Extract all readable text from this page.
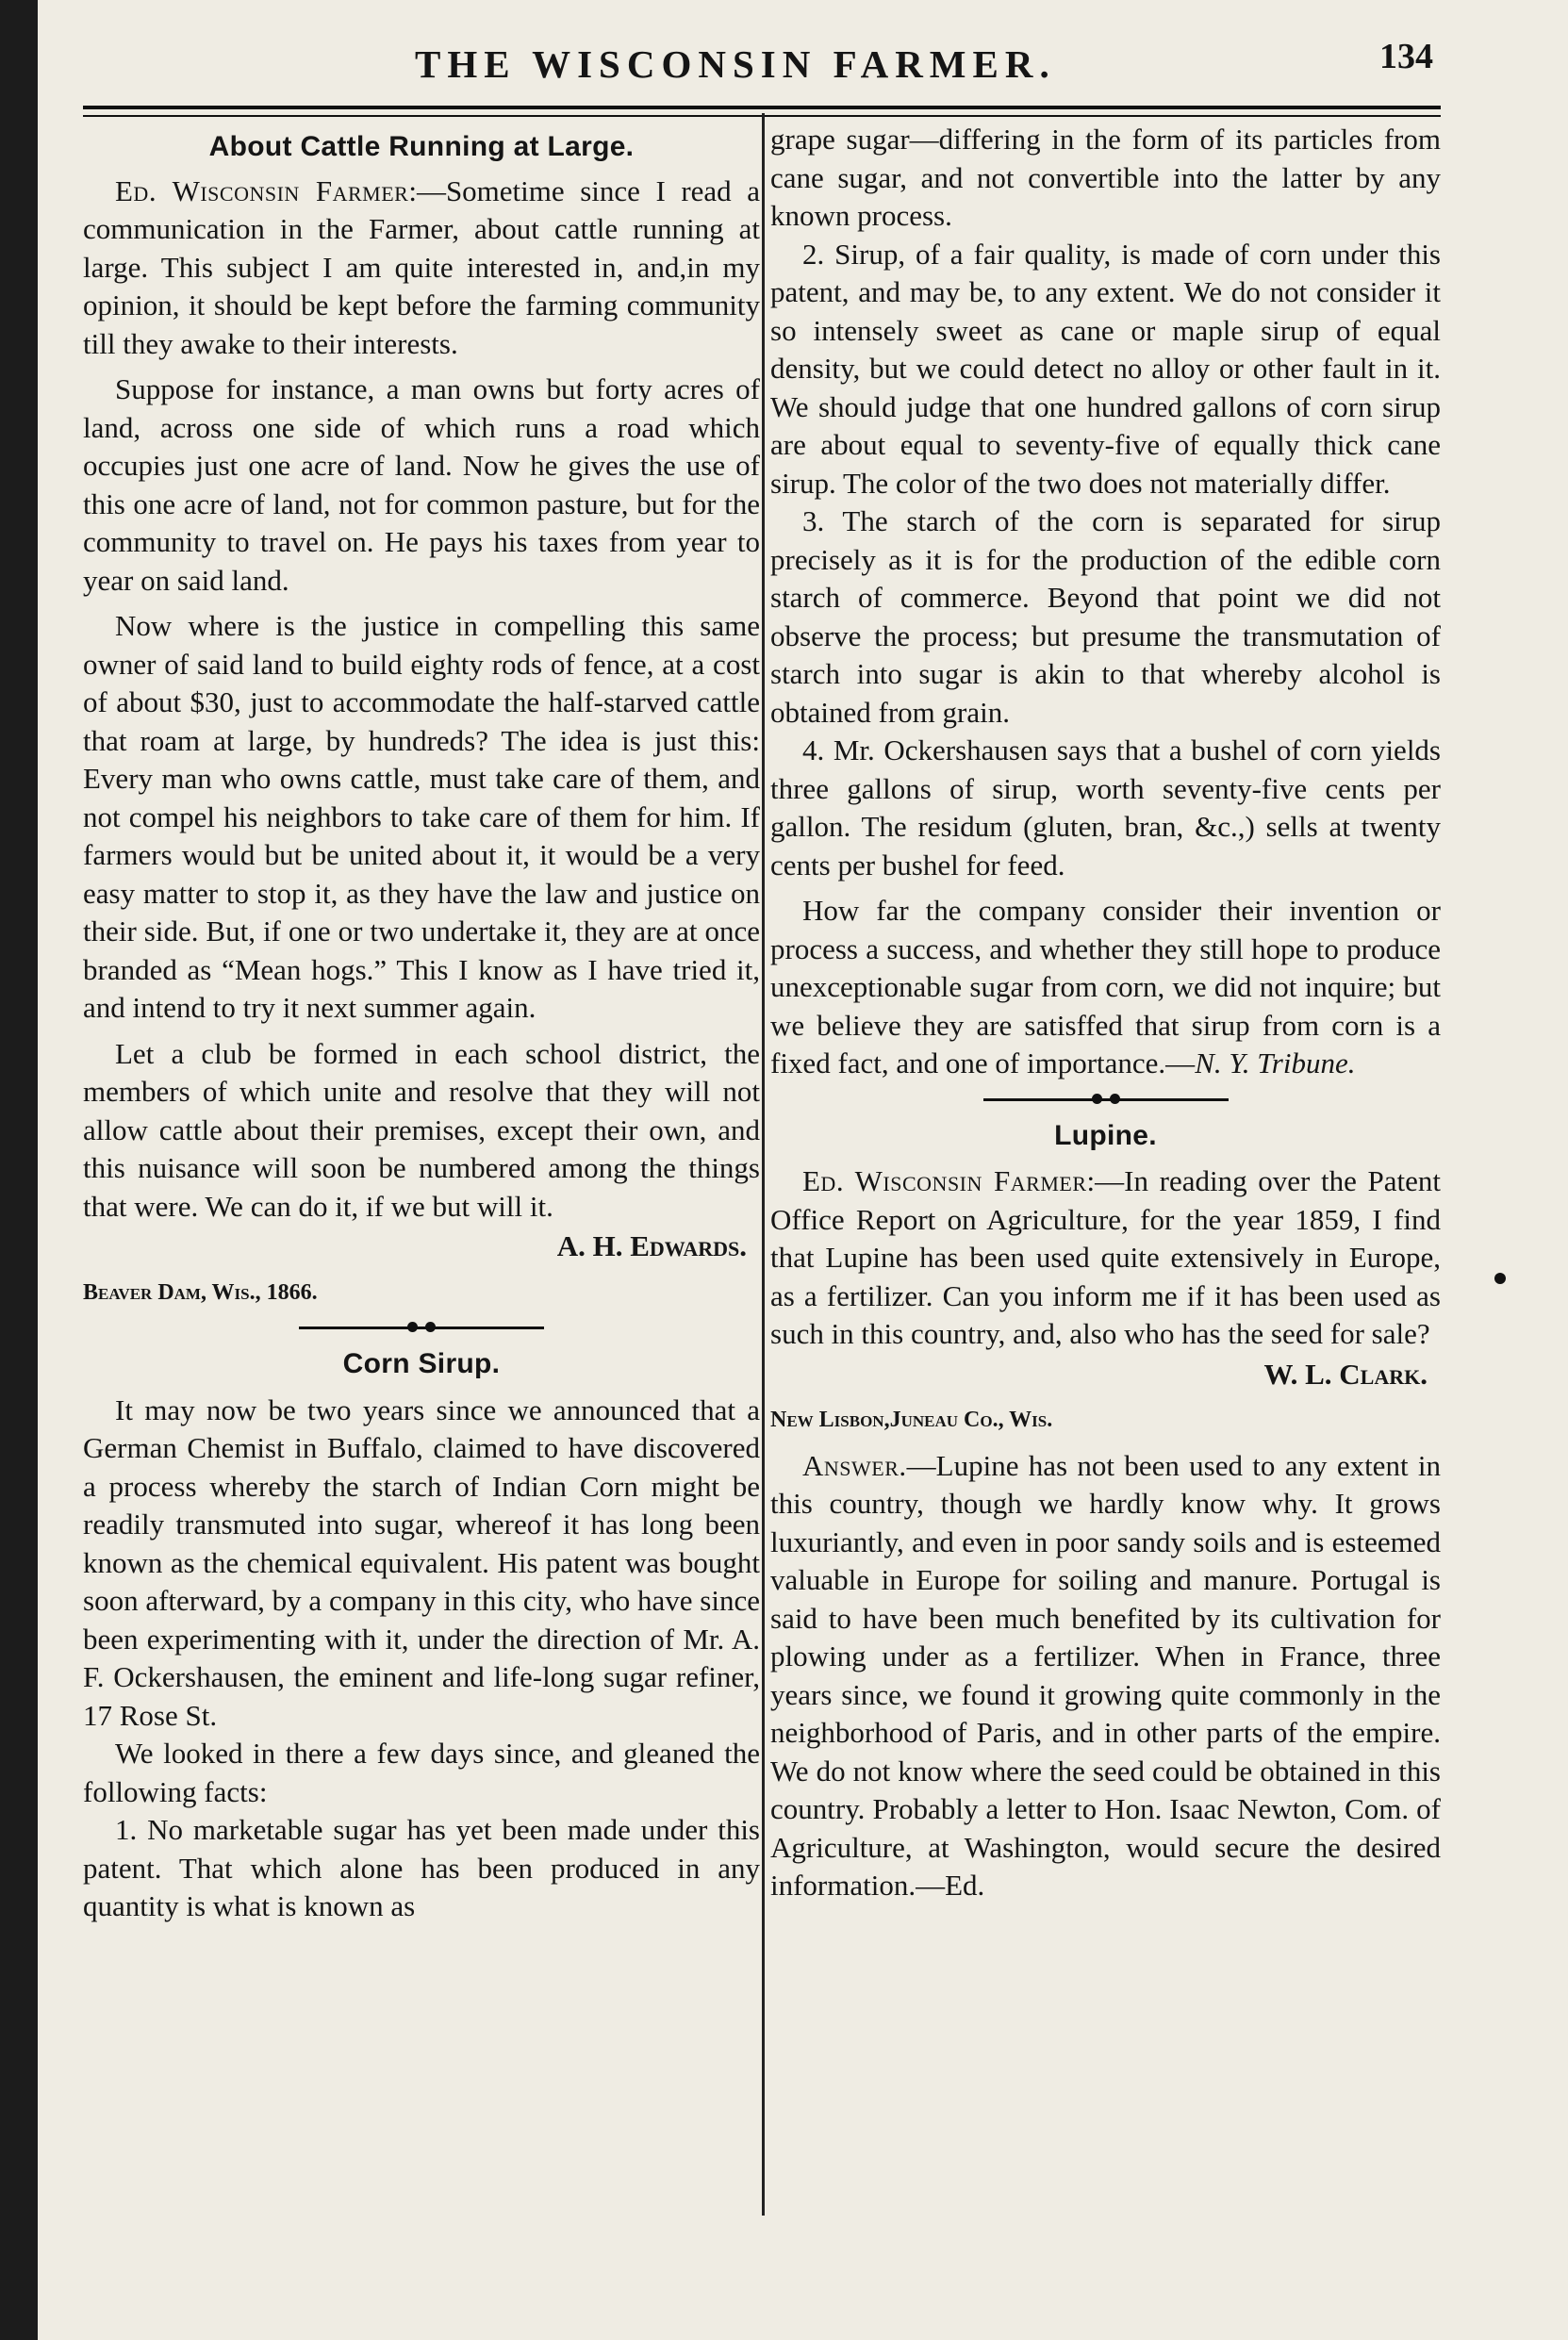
THE WISCONSIN FARMER.	134
About Cattle Running at Large.

Ed. Wisconsin Farmer:—Sometime since I read a communication in the Farmer, about cattle running at large. This subject I am quite interested in, and,in my opinion, it should be kept before the farming community till they awake to their interests.

Suppose for instance, a man owns but forty acres of land, across one side of which runs a road which occupies just one acre of land. Now he gives the use of this one acre of land, not for common pasture, but for the community to travel on. He pays his taxes from year to year on said land.

Now where is the justice in compelling this same owner of said land to build eighty rods of fence, at a cost of about $30, just to accommodate the half-starved cattle that roam at large, by hundreds? The idea is just this: Every man who owns cattle, must take care of them, and not compel his neighbors to take care of them for him. If farmers would but be united about it, it would be a very easy matter to stop it, as they have the law and justice on their side. But, if one or two undertake it, they are at once branded as “Mean hogs.” This I know as I have tried it, and intend to try it next summer again.

Let a club be formed in each school district, the members of which unite and resolve that they will not allow cattle about their premises, except their own, and this nuisance will soon be numbered among the things that were. We can do it, if we but will it.

A. H. Edwards.
Beaver Dam, Wis., 1866.
Corn Sirup.

It may now be two years since we announced that a German Chemist in Buffalo, claimed to have discovered a process whereby the starch of Indian Corn might be readily transmuted into sugar, whereof it has long been known as the chemical equivalent. His patent was bought soon afterward, by a company in this city, who have since been experimenting with it, under the direction of Mr. A. F. Ockershausen, the eminent and life-long sugar refiner, 17 Rose St.

We looked in there a few days since, and gleaned the following facts:

1. No marketable sugar has yet been made under this patent. That which alone has been produced in any quantity is what is known as

grape sugar—differing in the form of its particles from cane sugar, and not convertible into the latter by any known process.

2. Sirup, of a fair quality, is made of corn under this patent, and may be, to any extent. We do not consider it so intensely sweet as cane or maple sirup of equal density, but we could detect no alloy or other fault in it. We should judge that one hundred gallons of corn sirup are about equal to seventy-five of equally thick cane sirup. The color of the two does not materially differ.

3. The starch of the corn is separated for sirup precisely as it is for the production of the edible corn starch of commerce. Beyond that point we did not observe the process; but presume the transmutation of starch into sugar is akin to that whereby alcohol is obtained from grain.

4. Mr. Ockershausen says that a bushel of corn yields three gallons of sirup, worth seventy-five cents per gallon. The residum (gluten, bran, &c.,) sells at twenty cents per bushel for feed.

How far the company consider their invention or process a success, and whether they still hope to produce unexceptionable sugar from corn, we did not inquire; but we believe they are satisffed that sirup from corn is a fixed fact, and one of importance.—N. Y. Tribune.

Lupine.

Ed. Wisconsin Farmer:—In reading over the Patent Office Report on Agriculture, for the year 1859, I find that Lupine has been used quite extensively in Europe, as a fertilizer. Can you inform me if it has been used as such in this country, and, also who has the seed for sale?

W. L. Clark.
New Lisbon,Juneau Co., Wis.

Answer.—Lupine has not been used to any extent in this country, though we hardly know why. It grows luxuriantly, and even in poor sandy soils and is esteemed valuable in Europe for soiling and manure. Portugal is said to have been much benefited by its cultivation for plowing under as a fertilizer. When in France, three years since, we found it growing quite commonly in the neighborhood of Paris, and in other parts of the empire. We do not know where the seed could be obtained in this country. Probably a letter to Hon. Isaac Newton, Com. of Agriculture, at Washington, would secure the desired information.—Ed.
